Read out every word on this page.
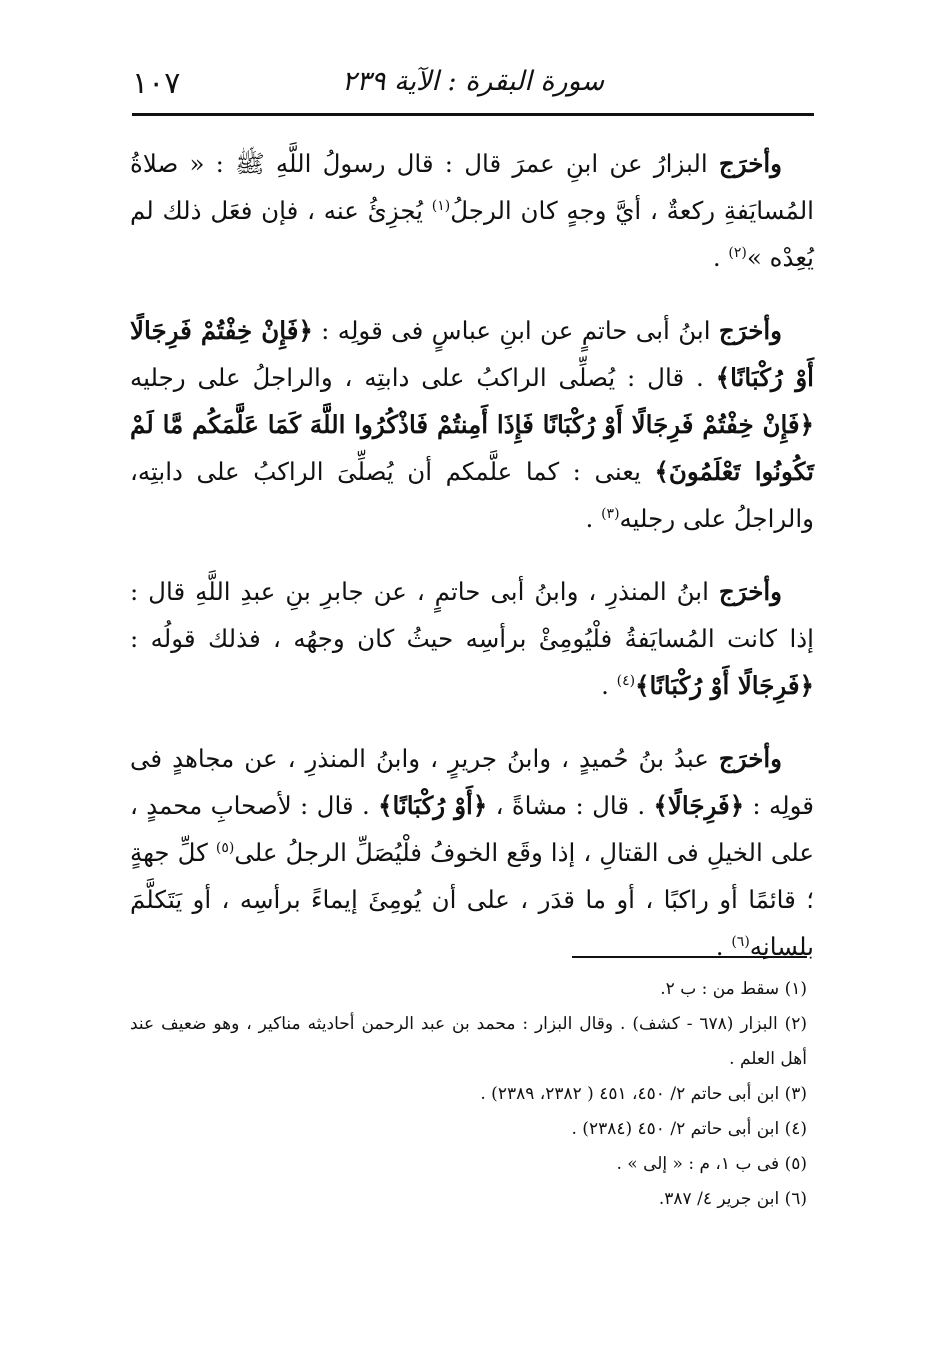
سورة البقرة : الآية ٢٣٩
١٠٧

وأخرَج البزارُ عن ابنِ عمرَ قال : قال رسولُ اللَّهِ ﷺ : « صلاةُ المُسايَفةِ ركعةٌ ، أيَّ وجهٍ كان الرجلُ$^{(١)}$ يُجزِئُ عنه ، فإن فعَل ذلك لم يُعِدْه »$^{(٢)}$ .

وأخرَج ابنُ أبى حاتمٍ عن ابنِ عباسٍ فى قولِه : ﴿فَإِنْ خِفْتُمْ فَرِجَالًا أَوْ رُكْبَانًا﴾ . قال : يُصلِّى الراكبُ على دابتِه ، والراجلُ على رجليه ﴿فَإِنْ خِفْتُمْ فَرِجَالًا أَوْ رُكْبَانًا فَإِذَا أَمِنتُمْ فَاذْكُرُوا اللَّهَ كَمَا عَلَّمَكُم مَّا لَمْ تَكُونُوا تَعْلَمُونَ﴾ يعنى : كما علَّمكم أن يُصلِّىَ الراكبُ على دابتِه، والراجلُ على رجليه$^{(٣)}$ .

وأخرَج ابنُ المنذرِ ، وابنُ أبى حاتمٍ ، عن جابرِ بنِ عبدِ اللَّهِ قال : إذا كانت المُسايَفةُ فلْيُومِئْ برأسِه حيثُ كان وجهُه ، فذلك قولُه : ﴿فَرِجَالًا أَوْ رُكْبَانًا﴾$^{(٤)}$ .

وأخرَج عبدُ بنُ حُميدٍ ، وابنُ جريرٍ ، وابنُ المنذرِ ، عن مجاهدٍ فى قولِه : ﴿فَرِجَالًا﴾ . قال : مشاةً ، ﴿أَوْ رُكْبَانًا﴾ . قال : لأصحابِ محمدٍ ، على الخيلِ فى القتالِ ، إذا وقَع الخوفُ فلْيُصَلِّ الرجلُ على$^{(٥)}$ كلِّ جهةٍ ؛ قائمًا أو راكبًا ، أو ما قدَر ، على أن يُومِئَ إيماءً برأسِه ، أو يَتَكلَّمَ بلسانِه$^{(٦)}$ .

(١) سقط من : ب ٢.

(٢) البزار (٦٧٨ - كشف) . وقال البزار : محمد بن عبد الرحمن أحاديثه مناكير ، وهو ضعيف عند أهل العلم .

(٣) ابن أبى حاتم ٢/ ٤٥٠، ٤٥١ ( ٢٣٨٢، ٢٣٨٩) .

(٤) ابن أبى حاتم ٢/ ٤٥٠ (٢٣٨٤) .

(٥) فى ب ١، م : « إلى » .

(٦) ابن جرير ٤/ ٣٨٧.
